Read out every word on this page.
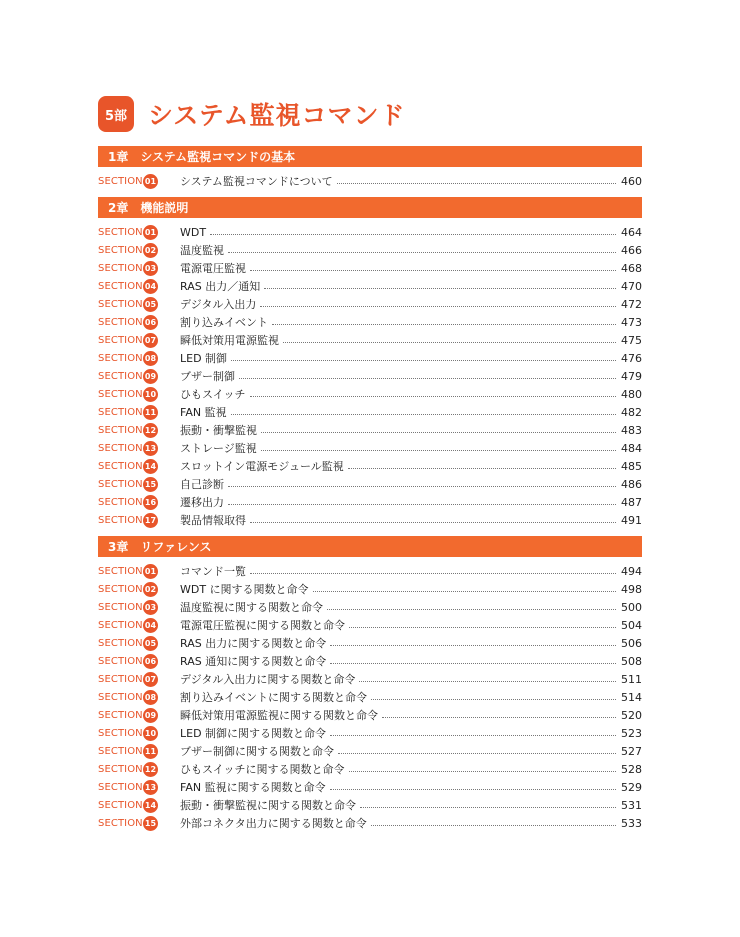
5部 システム監視コマンド
1章 システム監視コマンドの基本
SECTION 01 システム監視コマンドについて	460
2章 機能説明
SECTION 01 WDT	464
SECTION 02 温度監視	466
SECTION 03 電源電圧監視	468
SECTION 04 RAS 出力／通知	470
SECTION 05 デジタル入出力	472
SECTION 06 割り込みイベント	473
SECTION 07 瞬低対策用電源監視	475
SECTION 08 LED 制御	476
SECTION 09 ブザー制御	479
SECTION 10 ひもスイッチ	480
SECTION 11 FAN 監視	482
SECTION 12 振動・衝撃監視	483
SECTION 13 ストレージ監視	484
SECTION 14 スロットイン電源モジュール監視	485
SECTION 15 自己診断	486
SECTION 16 遷移出力	487
SECTION 17 製品情報取得	491
3章 リファレンス
SECTION 01 コマンド一覧	494
SECTION 02 WDT に関する関数と命令	498
SECTION 03 温度監視に関する関数と命令	500
SECTION 04 電源電圧監視に関する関数と命令	504
SECTION 05 RAS 出力に関する関数と命令	506
SECTION 06 RAS 通知に関する関数と命令	508
SECTION 07 デジタル入出力に関する関数と命令	511
SECTION 08 割り込みイベントに関する関数と命令	514
SECTION 09 瞬低対策用電源監視に関する関数と命令	520
SECTION 10 LED 制御に関する関数と命令	523
SECTION 11 ブザー制御に関する関数と命令	527
SECTION 12 ひもスイッチに関する関数と命令	528
SECTION 13 FAN 監視に関する関数と命令	529
SECTION 14 振動・衝撃監視に関する関数と命令	531
SECTION 15 外部コネクタ出力に関する関数と命令	533
